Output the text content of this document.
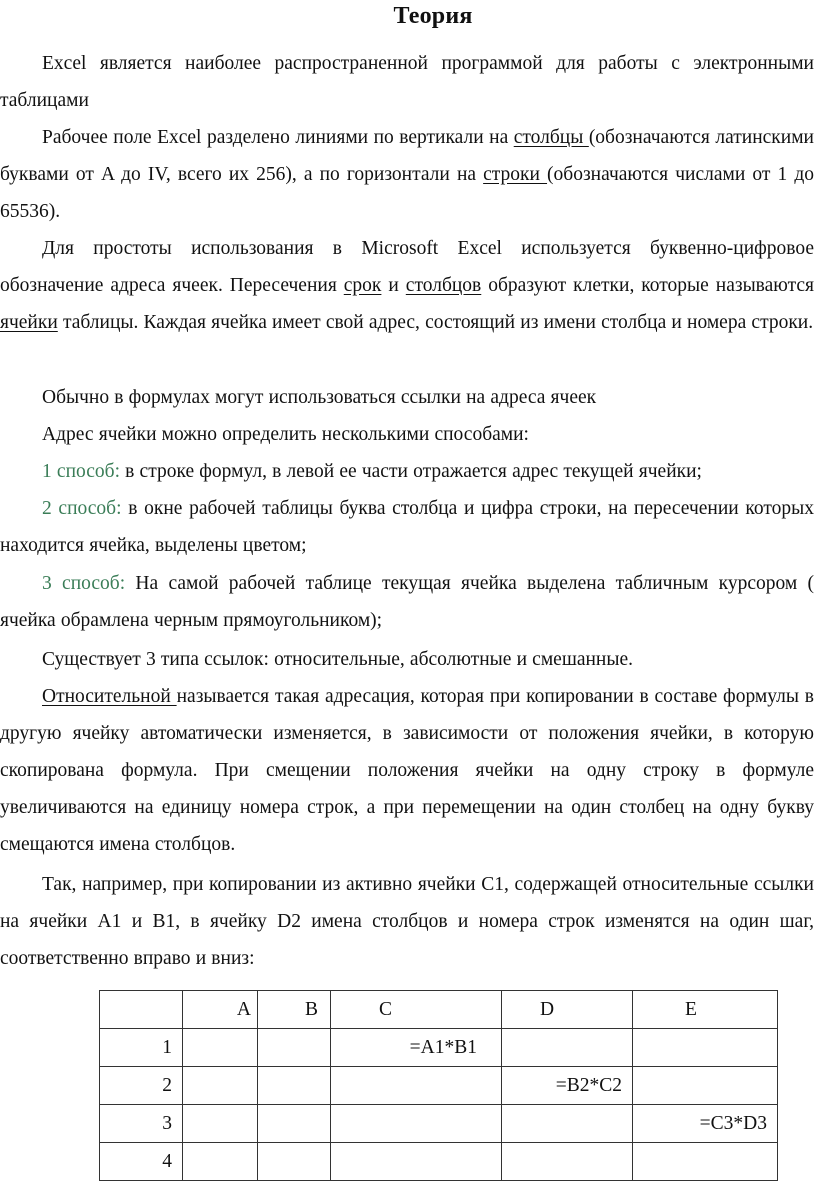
Теория
Excel является наиболее распространенной программой для работы с электронными таблицами
Рабочее поле Excel разделено линиями по вертикали на столбцы (обозначаются латинскими буквами от A до IV, всего их 256), а по горизонтали на строки (обозначаются числами от 1 до 65536).
Для простоты использования в Microsoft Excel используется буквенно-цифровое обозначение адреса ячеек. Пересечения срок и столбцов образуют клетки, которые называются ячейки таблицы. Каждая ячейка имеет свой адрес, состоящий из имени столбца и номера строки.
Обычно в формулах могут использоваться ссылки на адреса ячеек
Адрес ячейки можно определить несколькими способами:
1 способ: в строке формул, в левой ее части отражается адрес текущей ячейки;
2 способ: в окне рабочей таблицы буква столбца и цифра строки, на пересечении которых находится ячейка, выделены цветом;
3 способ: На самой рабочей таблице текущая ячейка выделена табличным курсором ( ячейка обрамлена черным прямоугольником);
Существует 3 типа ссылок: относительные, абсолютные и смешанные.
Относительной называется такая адресация, которая при копировании в составе формулы в другую ячейку автоматически изменяется, в зависимости от положения ячейки, в которую скопирована формула. При смещении положения ячейки на одну строку в формуле увеличиваются на единицу номера строк, а при перемещении на один столбец на одну букву смещаются имена столбцов.
Так, например, при копировании из активно ячейки С1, содержащей относительные ссылки на ячейки А1 и В1, в ячейку D2 имена столбцов и номера строк изменятся на один шаг, соответственно вправо и вниз:
	A	B	C	D	E
1			=A1*B1		
2				=B2*C2	
3					=C3*D3
4					
